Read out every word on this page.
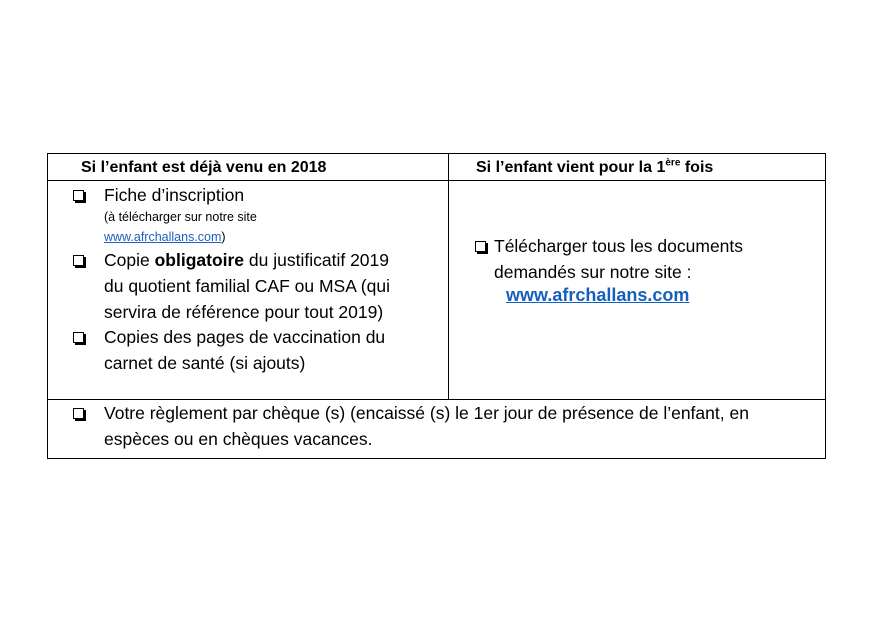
Si l’enfant est déjà venu en 2018	Si l’enfant vient pour la 1ère fois
Fiche d’inscription
(à télécharger sur notre site
www.afrchallans.com)
Copie obligatoire du justificatif 2019
du quotient familial CAF ou MSA (qui
servira de référence pour tout 2019)
Copies des pages de vaccination du
carnet de santé (si ajouts)
Télécharger tous les documents
demandés sur notre site :
www.afrchallans.com
Votre règlement par chèque (s) (encaissé (s) le 1er jour de présence de l’enfant, en
espèces ou en chèques vacances.
